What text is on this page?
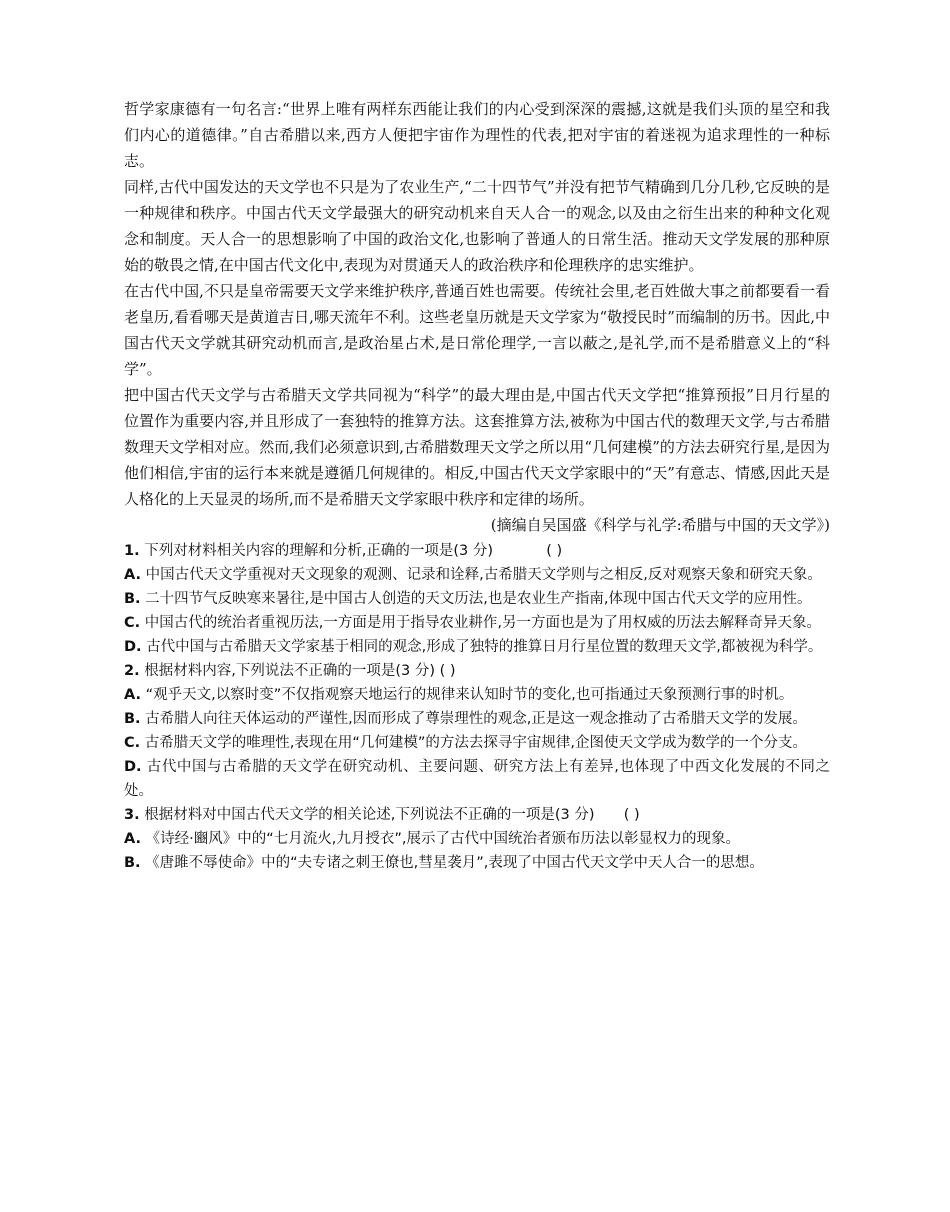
哲学家康德有一句名言:“世界上唯有两样东西能让我们的内心受到深深的震撼,这就是我们头顶的星空和我们内心的道德律。”自古希腊以来,西方人便把宇宙作为理性的代表,把对宇宙的着迷视为追求理性的一种标志。

同样,古代中国发达的天文学也不只是为了农业生产,“二十四节气”并没有把节气精确到几分几秒,它反映的是一种规律和秩序。中国古代天文学最强大的研究动机来自天人合一的观念,以及由之衍生出来的种种文化观念和制度。天人合一的思想影响了中国的政治文化,也影响了普通人的日常生活。推动天文学发展的那种原始的敬畏之情,在中国古代文化中,表现为对贯通天人的政治秩序和伦理秩序的忠实维护。

在古代中国,不只是皇帝需要天文学来维护秩序,普通百姓也需要。传统社会里,老百姓做大事之前都要看一看老皇历,看看哪天是黄道吉日,哪天流年不利。这些老皇历就是天文学家为“敬授民时”而编制的历书。因此,中国古代天文学就其研究动机而言,是政治星占术,是日常伦理学,一言以蔽之,是礼学,而不是希腊意义上的“科学”。

把中国古代天文学与古希腊天文学共同视为“科学”的最大理由是,中国古代天文学把“推算预报”日月行星的位置作为重要内容,并且形成了一套独特的推算方法。这套推算方法,被称为中国古代的数理天文学,与古希腊数理天文学相对应。然而,我们必须意识到,古希腊数理天文学之所以用“几何建模”的方法去研究行星,是因为他们相信,宇宙的运行本来就是遵循几何规律的。相反,中国古代天文学家眼中的“天”有意志、情感,因此天是人格化的上天显灵的场所,而不是希腊天文学家眼中秩序和定律的场所。

(摘编自吴国盛《科学与礼学:希腊与中国的天文学》)

1. 下列对材料相关内容的理解和分析,正确的一项是(3 分)	( )

A. 中国古代天文学重视对天文现象的观测、记录和诠释,古希腊天文学则与之相反,反对观察天象和研究天象。

B. 二十四节气反映寒来暑往,是中国古人创造的天文历法,也是农业生产指南,体现中国古代天文学的应用性。

C. 中国古代的统治者重视历法,一方面是用于指导农业耕作,另一方面也是为了用权威的历法去解释奇异天象。

D. 古代中国与古希腊天文学家基于相同的观念,形成了独特的推算日月行星位置的数理天文学,都被视为科学。

2. 根据材料内容,下列说法不正确的一项是(3 分) ( )

A. “观乎天文,以察时变”不仅指观察天地运行的规律来认知时节的变化,也可指通过天象预测行事的时机。

B. 古希腊人向往天体运动的严谨性,因而形成了尊崇理性的观念,正是这一观念推动了古希腊天文学的发展。

C. 古希腊天文学的唯理性,表现在用“几何建模”的方法去探寻宇宙规律,企图使天文学成为数学的一个分支。

D. 古代中国与古希腊的天文学在研究动机、主要问题、研究方法上有差异,也体现了中西文化发展的不同之处。

3. 根据材料对中国古代天文学的相关论述,下列说法不正确的一项是(3 分) ( )

A. 《诗经·豳风》中的“七月流火,九月授衣”,展示了古代中国统治者颁布历法以彰显权力的现象。

B. 《唐雎不辱使命》中的“夫专诸之刺王僚也,彗星袭月”,表现了中国古代天文学中天人合一的思想。
